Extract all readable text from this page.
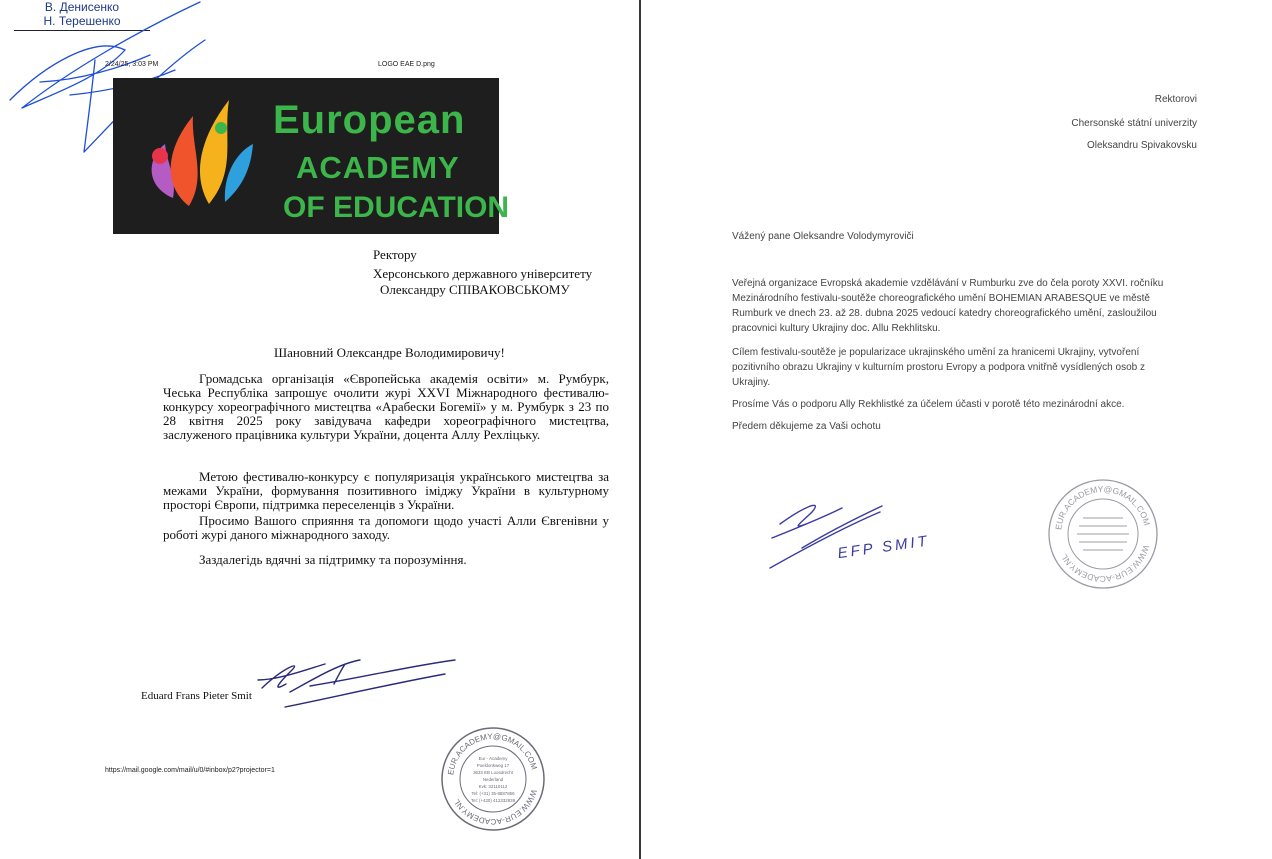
В. Денисенко
Н. Терешенко
2/24/25, 3:03 PM	LOGO EAE D.png
European
ACADEMY
OF EDUCATION
Ректору
Херсонського державного університету
Олександру СПІВАКОВСЬКОМУ
Шановний Олександре Володимировичу!
Громадська організація «Європейська академія освіти» м. Румбурк, Чеська Республіка запрошує очолити журі XXVI Міжнародного фестивалю-конкурсу хореографічного мистецтва «Арабески Богемії» у м. Румбурк з 23 по 28 квітня 2025 року завідувача кафедри хореографічного мистецтва, заслуженого працівника культури України, доцента Аллу Рехліцьку.
Метою фестивалю-конкурсу є популяризація українського мистецтва за межами України, формування позитивного іміджу України в культурному просторі Європи, підтримка переселенців з України.
Просимо Вашого сприяння та допомоги щодо участі Алли Євгенівни у роботі журі даного міжнародного заходу.
Заздалегідь вдячні за підтримку та порозуміння.
Eduard Frans Pieter Smit
https://mail.google.com/mail/u/0/#inbox/p2?projector=1	EUR.ACADEMY@GMAIL.COM
WWW.EUR-ACADEMY.NL
Eur - Academy
Poeldonkweg 17
3633 EB Loosdrecht
Nederland
Kvk: 32110112
Tel: (+31) 35-8887856
Tel: (+420) 412332838
Rektorovi
Chersonské státní univerzity
Oleksandru Spivakovsku
Vážený pane Oleksandre Volodymyroviči
Veřejná organizace Evropská akademie vzdělávání v Rumburku zve do čela poroty XXVI. ročníku Mezinárodního festivalu-soutěže choreografického umění BOHEMIAN ARABESQUE ve městě Rumburk ve dnech 23. až 28. dubna 2025 vedoucí katedry choreografického umění, zasloužilou pracovnici kultury Ukrajiny doc. Allu Rekhlitsku.
Cílem festivalu-soutěže je popularizace ukrajinského umění za hranicemi Ukrajiny, vytvoření pozitivního obrazu Ukrajiny v kulturním prostoru Evropy a podpora vnitřně vysídlených osob z Ukrajiny.
Prosíme Vás o podporu Ally Rekhlistké za účelem účasti v porotě této mezinárodní akce.
Předem děkujeme za Vaši ochotu
EFP SMIT
EUR.ACADEMY@GMAIL.COM
WWW.EUR-ACADEMY.NL
